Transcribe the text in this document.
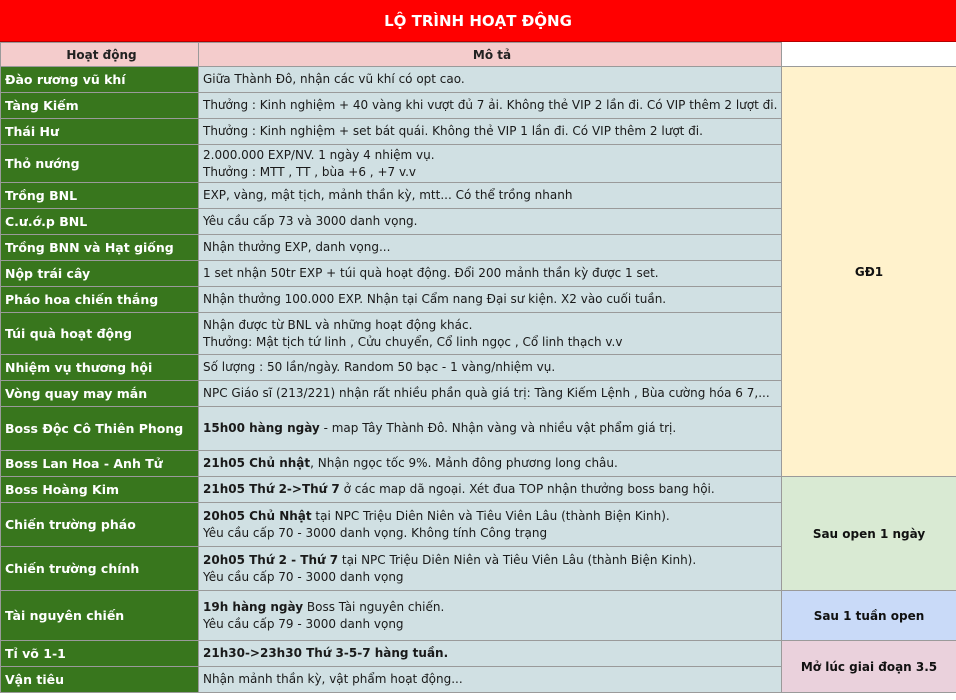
LỘ TRÌNH HOẠT ĐỘNG
Hoạt động	Mô tả	
Đào rương vũ khí	Giữa Thành Đô, nhận các vũ khí có opt cao.	GĐ1
Tàng Kiếm	Thưởng : Kinh nghiệm + 40 vàng khi vượt đủ 7 ải. Không thẻ VIP 2 lần đi. Có VIP thêm 2 lượt đi.	

Thái Hư	Thưởng : Kinh nghiệm + set bát quái. Không thẻ VIP 1 lần đi. Có VIP thêm 2 lượt đi.	

Thỏ nướng	2.000.000 EXP/NV. 1 ngày 4 nhiệm vụ.
Thưởng : MTT , TT , bùa +6 , +7 v.v	

Trồng BNL	EXP, vàng, mật tịch, mảnh thần kỳ, mtt... Có thể trồng nhanh	

C.ư.ớ.p BNL	Yêu cầu cấp 73 và 3000 danh vọng.	

Trồng BNN và Hạt giống	Nhận thưởng EXP, danh vọng...	

Nộp trái cây	1 set nhận 50tr EXP + túi quà hoạt động. Đổi 200 mảnh thần kỳ được 1 set.	

Pháo hoa chiến thắng	Nhận thưởng 100.000 EXP. Nhận tại Cẩm nang Đại sư kiện. X2 vào cuối tuần.	

Túi quà hoạt động	Nhận được từ BNL và những hoạt động khác.
Thưởng: Mật tịch tứ linh , Cửu chuyển, Cổ linh ngọc , Cổ linh thạch v.v	

Nhiệm vụ thương hội	Số lượng : 50 lần/ngày. Random 50 bạc - 1 vàng/nhiệm vụ.	

Vòng quay may mắn	NPC Giáo sĩ (213/221) nhận rất nhiều phần quà giá trị: Tàng Kiếm Lệnh , Bùa cường hóa 6 7,...	

Boss Độc Cô Thiên Phong	15h00 hàng ngày - map Tây Thành Đô. Nhận vàng và nhiều vật phẩm giá trị.	

Boss Lan Hoa - Anh Tử	21h05 Chủ nhật, Nhận ngọc tốc 9%. Mảnh đông phương long châu.	

Boss Hoàng Kim	21h05 Thứ 2->Thứ 7 ở các map dã ngoại. Xét đua TOP nhận thưởng boss bang hội.	Sau open 1 ngày
Chiến trường pháo	20h05 Chủ Nhật tại NPC Triệu Diên Niên và Tiêu Viên Lâu (thành Biện Kinh).
Yêu cầu cấp 70 - 3000 danh vọng. Không tính Công trạng	

Chiến trường chính	20h05 Thứ 2 - Thứ 7 tại NPC Triệu Diên Niên và Tiêu Viên Lâu (thành Biện Kinh).
Yêu cầu cấp 70 - 3000 danh vọng	

Tài nguyên chiến	19h hàng ngày Boss Tài nguyên chiến.
Yêu cầu cấp 79 - 3000 danh vọng	Sau 1 tuần open
Tỉ võ 1-1	21h30->23h30 Thứ 3-5-7 hàng tuần.	Mở lúc giai đoạn 3.5
Vận tiêu	Nhận mảnh thần kỳ, vật phẩm hoạt động...	
